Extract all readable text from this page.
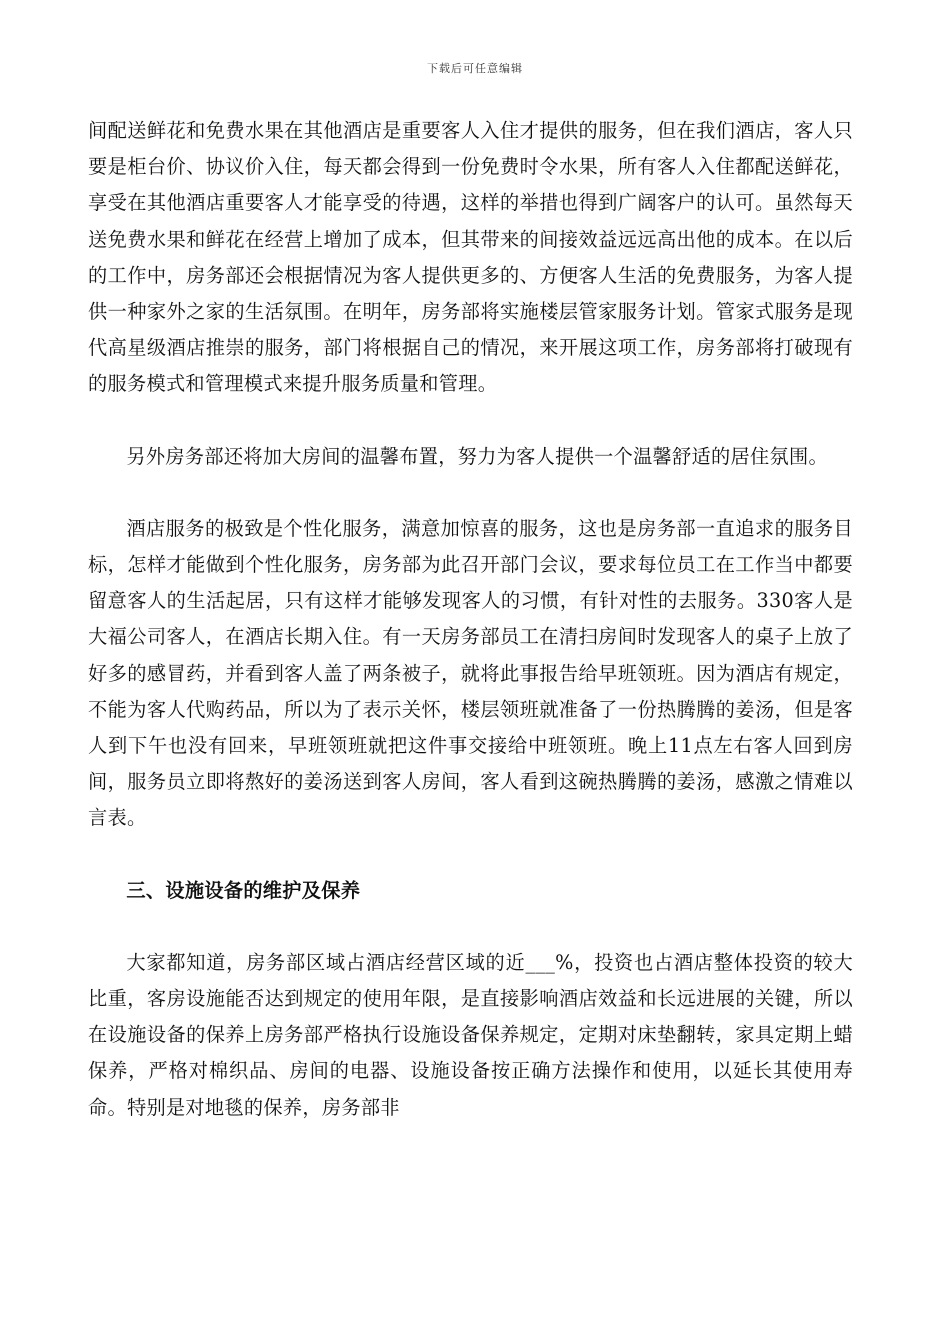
下载后可任意编辑

间配送鲜花和免费水果在其他酒店是重要客人入住才提供的服务，但在我们酒店，客人只要是柜台价、协议价入住，每天都会得到一份免费时令水果，所有客人入住都配送鲜花，享受在其他酒店重要客人才能享受的待遇，这样的举措也得到广阔客户的认可。虽然每天送免费水果和鲜花在经营上增加了成本，但其带来的间接效益远远高出他的成本。在以后的工作中，房务部还会根据情况为客人提供更多的、方便客人生活的免费服务，为客人提供一种家外之家的生活氛围。在明年，房务部将实施楼层管家服务计划。管家式服务是现代高星级酒店推崇的服务，部门将根据自己的情况，来开展这项工作，房务部将打破现有的服务模式和管理模式来提升服务质量和管理。

另外房务部还将加大房间的温馨布置，努力为客人提供一个温馨舒适的居住氛围。

酒店服务的极致是个性化服务，满意加惊喜的服务，这也是房务部一直追求的服务目标，怎样才能做到个性化服务，房务部为此召开部门会议，要求每位员工在工作当中都要留意客人的生活起居，只有这样才能够发现客人的习惯，有针对性的去服务。330客人是大福公司客人，在酒店长期入住。有一天房务部员工在清扫房间时发现客人的桌子上放了好多的感冒药，并看到客人盖了两条被子，就将此事报告给早班领班。因为酒店有规定，不能为客人代购药品，所以为了表示关怀，楼层领班就准备了一份热腾腾的姜汤，但是客人到下午也没有回来，早班领班就把这件事交接给中班领班。晚上11点左右客人回到房间，服务员立即将熬好的姜汤送到客人房间，客人看到这碗热腾腾的姜汤，感激之情难以言表。

三、设施设备的维护及保养

大家都知道，房务部区域占酒店经营区域的近___%，投资也占酒店整体投资的较大比重，客房设施能否达到规定的使用年限，是直接影响酒店效益和长远进展的关键，所以在设施设备的保养上房务部严格执行设施设备保养规定，定期对床垫翻转，家具定期上蜡保养，严格对棉织品、房间的电器、设施设备按正确方法操作和使用，以延长其使用寿命。特别是对地毯的保养，房务部非
